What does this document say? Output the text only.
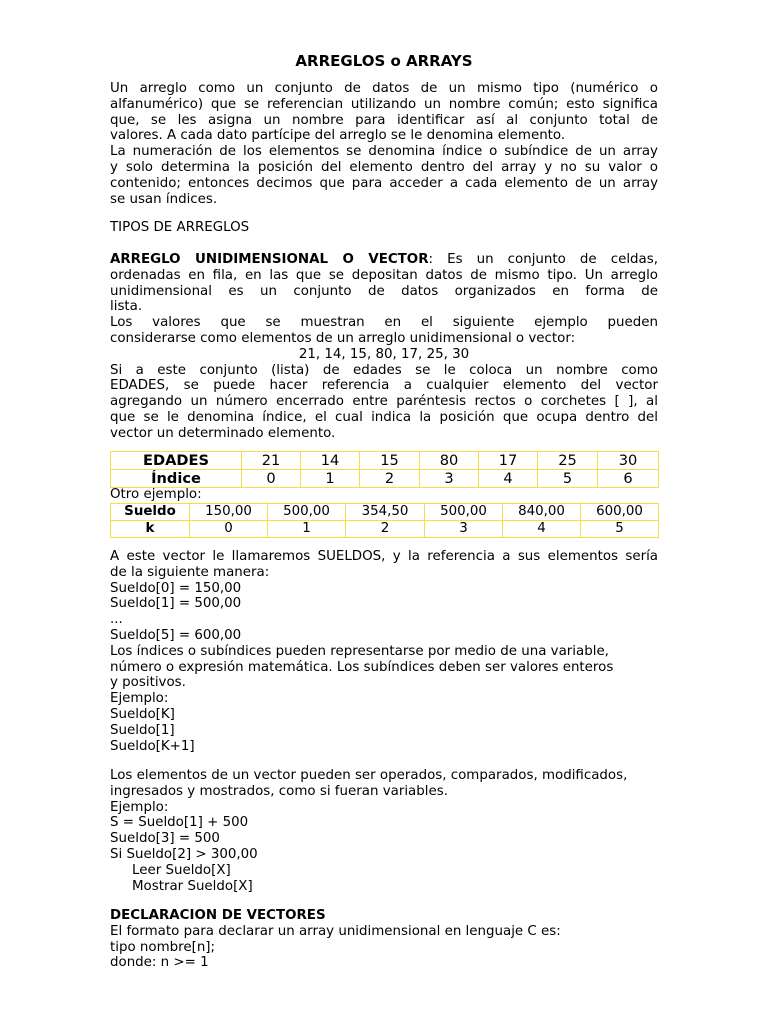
ARREGLOS o ARRAYS
Un arreglo como un conjunto de datos de un mismo tipo (numérico o
alfanumérico) que se referencian utilizando un nombre común; esto significa
que, se les asigna un nombre para identificar así al conjunto total de
valores. A cada dato partícipe del arreglo se le denomina elemento.
La numeración de los elementos se denomina índice o subíndice de un array
y solo determina la posición del elemento dentro del array y no su valor o
contenido; entonces decimos que para acceder a cada elemento de un array
se usan índices.
TIPOS DE ARREGLOS
ARREGLO UNIDIMENSIONAL O VECTOR: Es un conjunto de celdas,
ordenadas en fila, en las que se depositan datos de mismo tipo. Un arreglo
unidimensional es un conjunto de datos organizados en forma de
lista.
Los valores que se muestran en el siguiente ejemplo pueden
considerarse como elementos de un arreglo unidimensional o vector:
21, 14, 15, 80, 17, 25, 30
Si a este conjunto (lista) de edades se le coloca un nombre como
EDADES, se puede hacer referencia a cualquier elemento del vector
agregando un número encerrado entre paréntesis rectos o corchetes [ ], al
que se le denomina índice, el cual indica la posición que ocupa dentro del
vector un determinado elemento.
EDADES	21	14	15	80	17	25	30
Índice	0	1	2	3	4	5	6
Otro ejemplo:
Sueldo	150,00	500,00	354,50	500,00	840,00	600,00
k	0	1	2	3	4	5
A este vector le llamaremos SUELDOS, y la referencia a sus elementos sería
de la siguiente manera:
Sueldo[0] = 150,00
Sueldo[1] = 500,00
...
Sueldo[5] = 600,00
Los índices o subíndices pueden representarse por medio de una variable,
número o expresión matemática. Los subíndices deben ser valores enteros
y positivos.
Ejemplo:
Sueldo[K]
Sueldo[1]
Sueldo[K+1]
Los elementos de un vector pueden ser operados, comparados, modificados,
ingresados y mostrados, como si fueran variables.
Ejemplo:
S = Sueldo[1] + 500
Sueldo[3] = 500
Si Sueldo[2] > 300,00
Leer Sueldo[X]
Mostrar Sueldo[X]
DECLARACIÓN DE VECTORES
El formato para declarar un array unidimensional en lenguaje C es:
tipo nombre[n];
donde: n >= 1
